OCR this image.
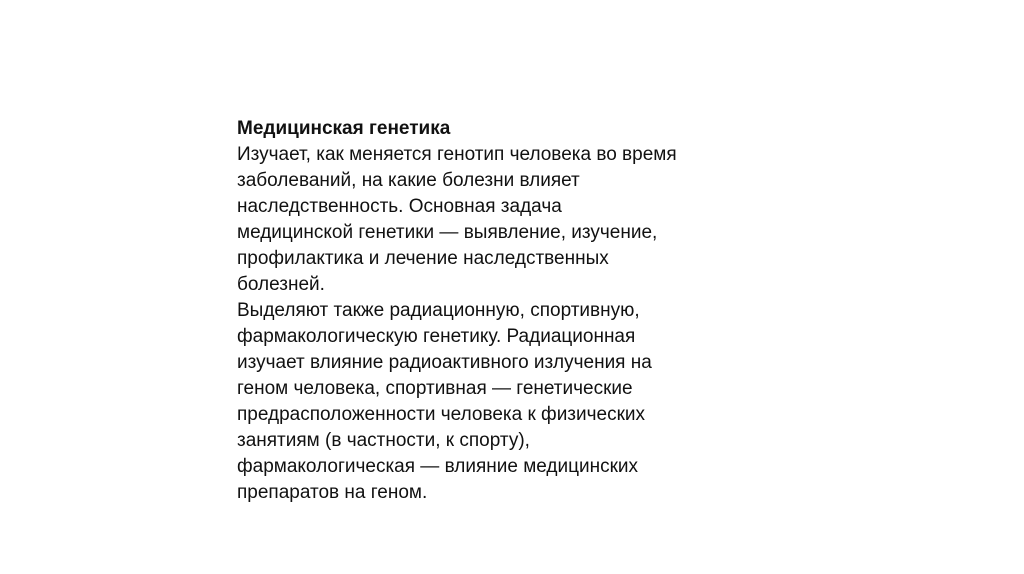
Медицинская генетика
Изучает, как меняется генотип человека во время
заболеваний, на какие болезни влияет
наследственность. Основная задача
медицинской генетики — выявление, изучение,
профилактика и лечение наследственных
болезней.
Выделяют также радиационную, спортивную,
фармакологическую генетику. Радиационная
изучает влияние радиоактивного излучения на
геном человека, спортивная — генетические
предрасположенности человека к физических
занятиям (в частности, к спорту),
фармакологическая — влияние медицинских
препаратов на геном.
